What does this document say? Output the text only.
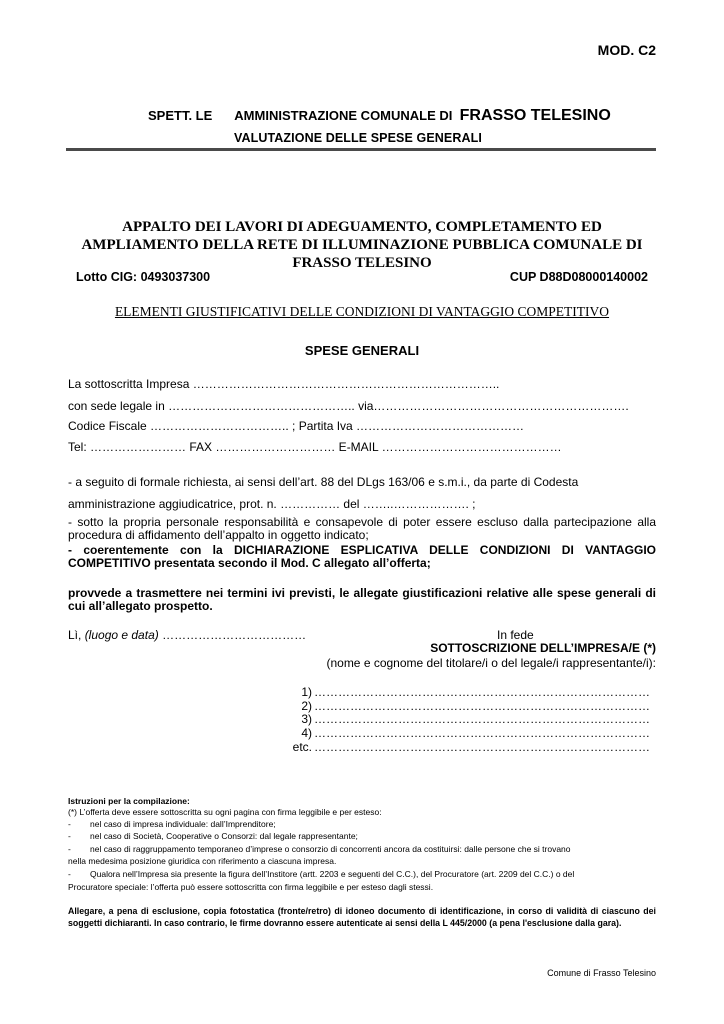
MOD. C2
SPETT. LE AMMINISTRAZIONE COMUNALE DI FRASSO TELESINO
VALUTAZIONE DELLE SPESE GENERALI
APPALTO DEI LAVORI DI ADEGUAMENTO, COMPLETAMENTO ED
AMPLIAMENTO DELLA RETE DI ILLUMINAZIONE PUBBLICA COMUNALE DI
FRASSO TELESINO
Lotto CIG: 0493037300	CUP D88D08000140002
ELEMENTI GIUSTIFICATIVI DELLE CONDIZIONI DI VANTAGGIO COMPETITIVO
SPESE GENERALI
La sottoscritta Impresa …………………………………………………………………..
con sede legale in ……………………………………….. via……………………………………………………….
Codice Fiscale …………………………….. ; Partita Iva ……………………………………
Tel: …………………… FAX ………………………… E-MAIL ………………………………………
- a seguito di formale richiesta, ai sensi dell’art. 88 del DLgs 163/06 e s.m.i., da parte di Codesta
amministrazione aggiudicatrice, prot. n. …………… del ……..………………. ;
- sotto la propria personale responsabilità e consapevole di poter essere escluso dalla partecipazione alla procedura di affidamento dell’appalto in oggetto indicato;
- coerentemente con la DICHIARAZIONE ESPLICATIVA DELLE CONDIZIONI DI VANTAGGIO COMPETITIVO presentata secondo il Mod. C allegato all’offerta;
provvede a trasmettere nei termini ivi previsti, le allegate giustificazioni relative alle spese generali di cui all’allegato prospetto.
Lì, (luogo e data) ………………………………	In fede
SOTTOSCRIZIONE DELL’IMPRESA/E (*)
(nome e cognome del titolare/i o del legale/i rappresentante/i):
1) …………………………………………………………………………
2) …………………………………………………………………………
3) …………………………………………………………………………
4) …………………………………………………………………………
etc. …………………………………………………………………………
Istruzioni per la compilazione:
(*) L’offerta deve essere sottoscritta su ogni pagina con firma leggibile e per esteso:
- nel caso di impresa individuale: dall’Imprenditore;
- nel caso di Società, Cooperative o Consorzi: dal legale rappresentante;
- nel caso di raggruppamento temporaneo d’imprese o consorzio di concorrenti ancora da costituirsi: dalle persone che si trovano
nella medesima posizione giuridica con riferimento a ciascuna impresa.
- Qualora nell’Impresa sia presente la figura dell’Institore (artt. 2203 e seguenti del C.C.), del Procuratore (art. 2209 del C.C.) o del
Procuratore speciale: l’offerta può essere sottoscritta con firma leggibile e per esteso dagli stessi.
Allegare, a pena di esclusione, copia fotostatica (fronte/retro) di idoneo documento di identificazione, in corso di validità di ciascuno dei soggetti dichiaranti. In caso contrario, le firme dovranno essere autenticate ai sensi della L 445/2000 (a pena l'esclusione dalla gara).
Comune di Frasso Telesino
